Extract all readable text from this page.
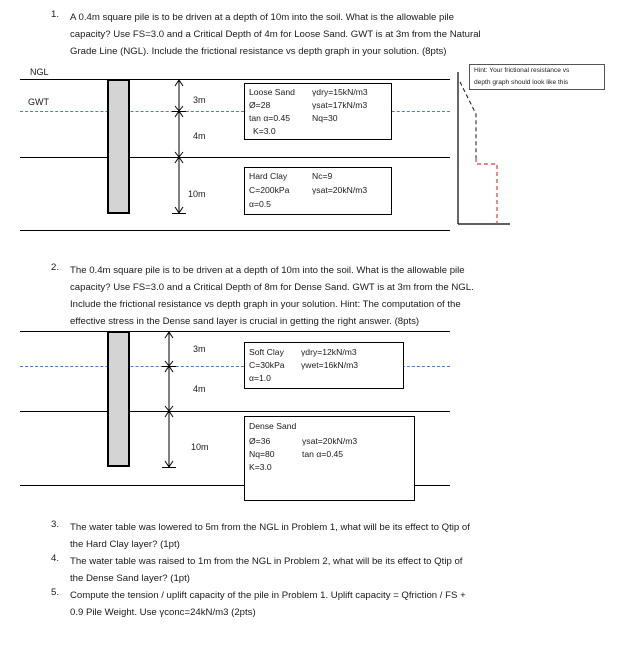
1. A 0.4m square pile is to be driven at a depth of 10m into the soil. What is the allowable pile
capacity? Use FS=3.0 and a Critical Depth of 4m for Loose Sand. GWT is at 3m from the Natural
Grade Line (NGL). Include the frictional resistance vs depth graph in your solution. (8pts)
NGL
GWT	3m
4m
10m
Loose Sand
Ø=28
tan α=0.45
K=3.0
γdry=15kN/m3
γsat=17kN/m3
Nq=30
Hard Clay
C=200kPa
α=0.5
Nc=9
γsat=20kN/m3
Hint: Your frictional resistance vs
depth graph should look like this
2. The 0.4m square pile is to be driven at a depth of 10m into the soil. What is the allowable pile
capacity? Use FS=3.0 and a Critical Depth of 8m for Dense Sand. GWT is at 3m from the NGL.
Include the frictional resistance vs depth graph in your solution. Hint: The computation of the
effective stress in the Dense sand layer is crucial in getting the right answer. (8pts)
3m
4m
10m
Soft Clay
C=30kPa
α=1.0
γdry=12kN/m3
γwet=16kN/m3
Dense Sand
Ø=36
Nq=80
K=3.0
γsat=20kN/m3
tan α=0.45
3. The water table was lowered to 5m from the NGL in Problem 1, what will be its effect to Qtip of
the Hard Clay layer? (1pt)
4. The water table was raised to 1m from the NGL in Problem 2, what will be its effect to Qtip of
the Dense Sand layer? (1pt)
5. Compute the tension / uplift capacity of the pile in Problem 1. Uplift capacity = Qfriction / FS +
0.9 Pile Weight. Use γconc=24kN/m3 (2pts)
